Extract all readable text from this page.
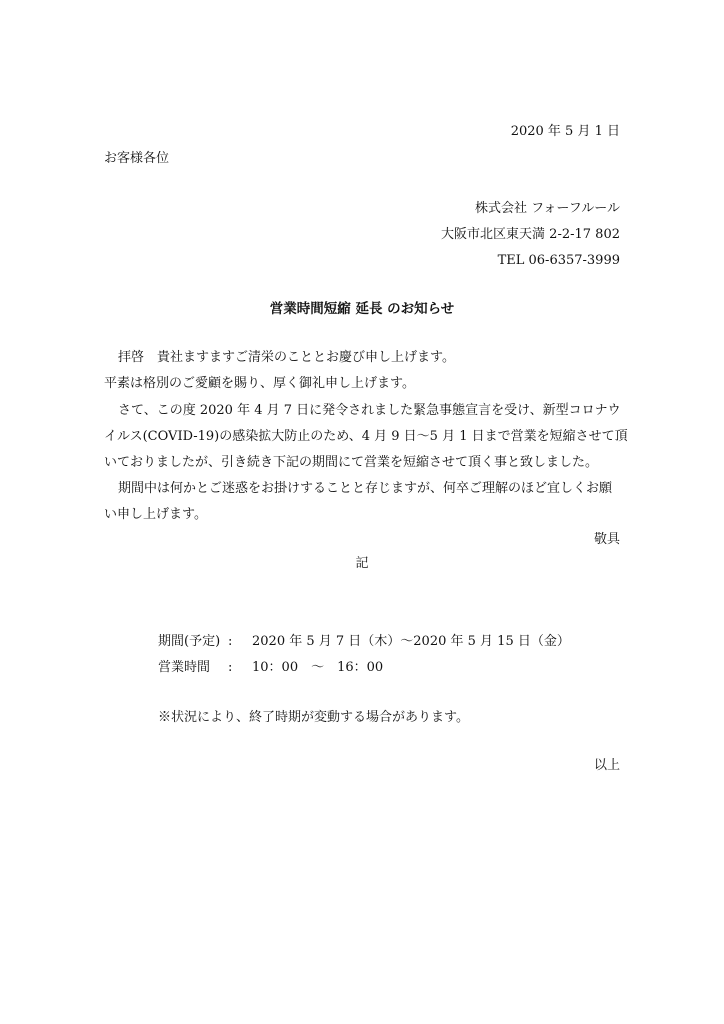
2020 年 5 月 1 日
お客様各位
株式会社 フォーフルール
大阪市北区東天満 2-2-17 802
TEL 06-6357-3999
営業時間短縮 延長 のお知らせ
拝啓　貴社ますますご清栄のこととお慶び申し上げます。
平素は格別のご愛顧を賜り、厚く御礼申し上げます。
さて、この度 2020 年 4 月 7 日に発令されました緊急事態宣言を受け、新型コロナウ
イルス(COVID-19)の感染拡大防止のため、4 月 9 日～5 月 1 日まで営業を短縮させて頂
いておりましたが、引き続き下記の期間にて営業を短縮させて頂く事と致しました。
期間中は何かとご迷惑をお掛けすることと存じますが、何卒ご理解のほど宜しくお願
い申し上げます。
敬具
記
期間(予定) : 2020 年 5 月 7 日（木）～2020 年 5 月 15 日（金）
営業時間 : 10：00　～　16：00
※状況により、終了時期が変動する場合があります。
以上
